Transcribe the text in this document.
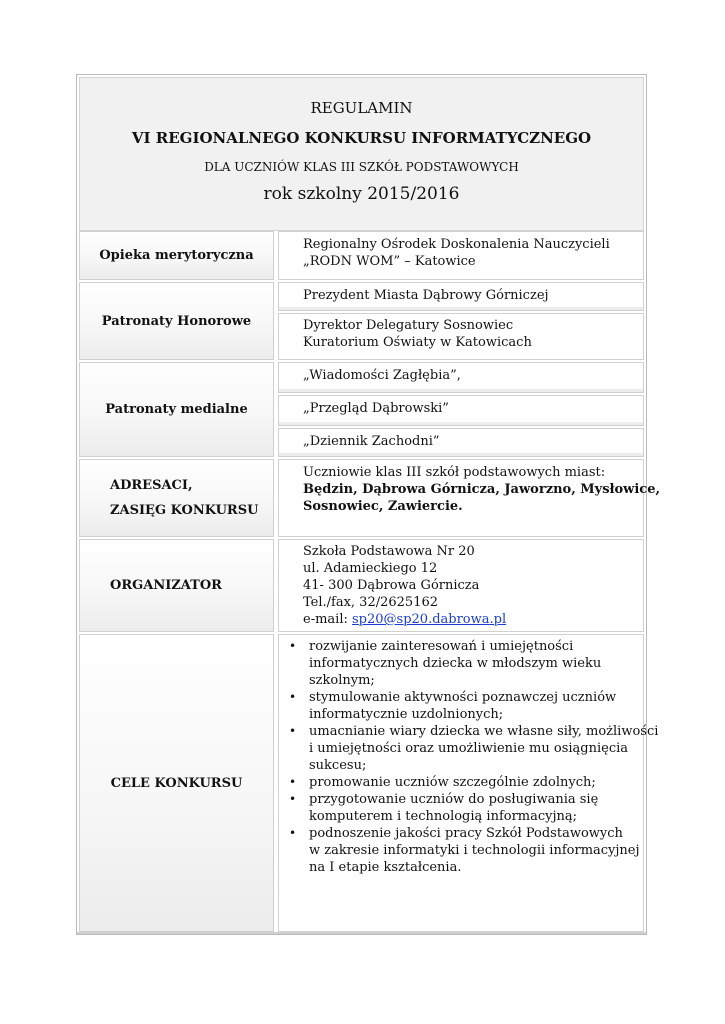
REGULAMIN
VI REGIONALNEGO KONKURSU INFORMATYCZNEGO
DLA UCZNIÓW KLAS III SZKÓŁ PODSTAWOWYCH
rok szkolny 2015/2016
Opieka merytoryczna
Regionalny Ośrodek Doskonalenia Nauczycieli
„RODN WOM” – Katowice
Patronaty Honorowe
Prezydent Miasta Dąbrowy Górniczej
Dyrektor Delegatury Sosnowiec
Kuratorium Oświaty w Katowicach
Patronaty medialne
„Wiadomości Zagłębia”,
„Przegląd Dąbrowski”
„Dziennik Zachodni”
ADRESACI,
ZASIĘG KONKURSU
Uczniowie klas III szkół podstawowych miast:
Będzin, Dąbrowa Górnicza, Jaworzno, Mysłowice,
Sosnowiec, Zawiercie.
ORGANIZATOR
Szkoła Podstawowa Nr 20
ul. Adamieckiego 12
41- 300 Dąbrowa Górnicza
Tel./fax, 32/2625162
e-mail: sp20@sp20.dabrowa.pl
CELE KONKURSU
• rozwijanie zainteresowań i umiejętności
informatycznych dziecka w młodszym wieku
szkolnym;
• stymulowanie aktywności poznawczej uczniów
informatycznie uzdolnionych;
• umacnianie wiary dziecka we własne siły, możliwości
i umiejętności oraz umożliwienie mu osiągnięcia
sukcesu;
• promowanie uczniów szczególnie zdolnych;
• przygotowanie uczniów do posługiwania się
komputerem i technologią informacyjną;
• podnoszenie jakości pracy Szkół Podstawowych
w zakresie informatyki i technologii informacyjnej
na I etapie kształcenia.
